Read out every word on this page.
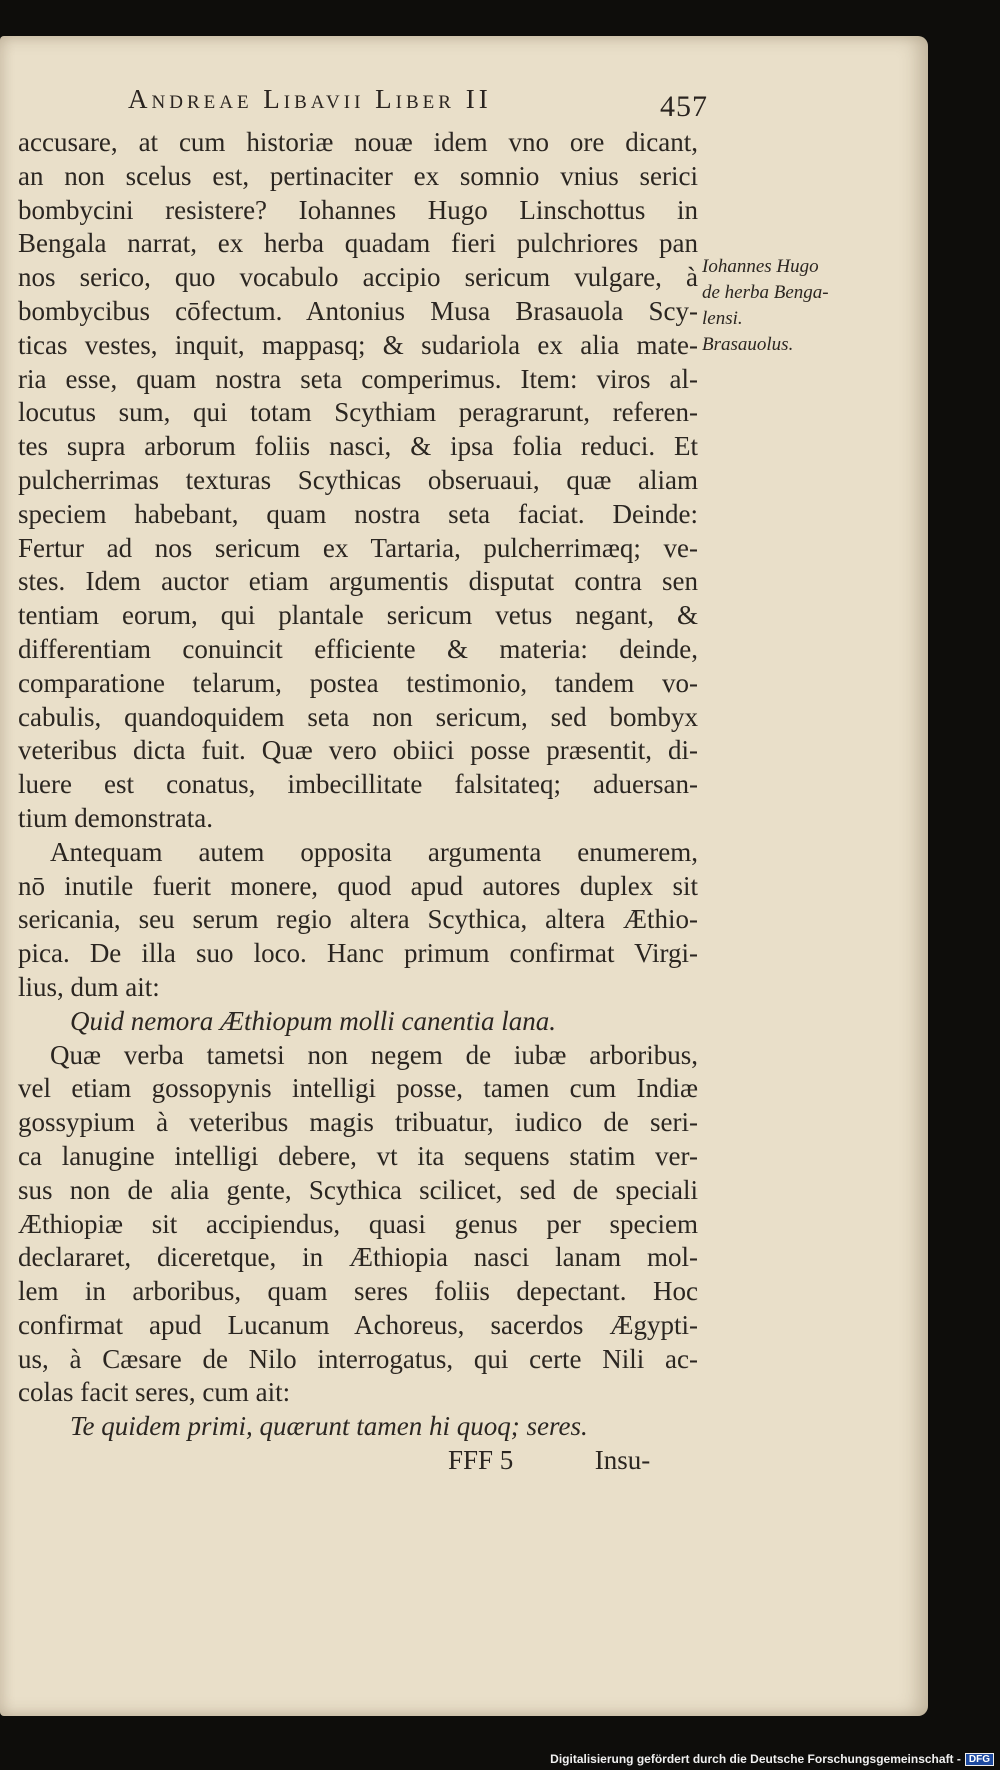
Andreae Libavii Liber II	457
accusare, at cum historiæ nouæ idem vno ore dicant,
an non scelus est, pertinaciter ex somnio vnius serici
bombycini resistere? Iohannes Hugo Linschottus in
Bengala narrat, ex herba quadam fieri pulchriores pan
nos serico, quo vocabulo accipio sericum vulgare, à
bombycibus cōfectum. Antonius Musa Brasauola Scy-
ticas vestes, inquit, mappasq; & sudariola ex alia mate-
ria esse, quam nostra seta comperimus. Item: viros al-
locutus sum, qui totam Scythiam peragrarunt, referen-
tes supra arborum foliis nasci, & ipsa folia reduci. Et
pulcherrimas texturas Scythicas obseruaui, quæ aliam
speciem habebant, quam nostra seta faciat. Deinde:
Fertur ad nos sericum ex Tartaria, pulcherrimæq; ve-
stes. Idem auctor etiam argumentis disputat contra sen
tentiam eorum, qui plantale sericum vetus negant, &
differentiam conuincit efficiente & materia: deinde,
comparatione telarum, postea testimonio, tandem vo-
cabulis, quandoquidem seta non sericum, sed bombyx
veteribus dicta fuit. Quæ vero obiici posse præsentit, di-
luere est conatus, imbecillitate falsitateq; aduersan-
tium demonstrata.
Antequam autem opposita argumenta enumerem,
nō inutile fuerit monere, quod apud autores duplex sit
sericania, seu serum regio altera Scythica, altera Æthio-
pica. De illa suo loco. Hanc primum confirmat Virgi-
lius, dum ait:
Quid nemora Æthiopum molli canentia lana.
Quæ verba tametsi non negem de iubæ arboribus,
vel etiam gossopynis intelligi posse, tamen cum Indiæ
gossypium à veteribus magis tribuatur, iudico de seri-
ca lanugine intelligi debere, vt ita sequens statim ver-
sus non de alia gente, Scythica scilicet, sed de speciali
Æthiopiæ sit accipiendus, quasi genus per speciem
declararet, diceretque, in Æthiopia nasci lanam mol-
lem in arboribus, quam seres foliis depectant. Hoc
confirmat apud Lucanum Achoreus, sacerdos Ægypti-
us, à Cæsare de Nilo interrogatus, qui certe Nili ac-
colas facit seres, cum ait:
Te quidem primi, quærunt tamen hi quoq; seres.
FFF 5	Insu-
Iohannes Hugo
de herba Benga-
lensi.
Brasauolus.
Digitalisierung gefördert durch die Deutsche Forschungsgemeinschaft - DFG
